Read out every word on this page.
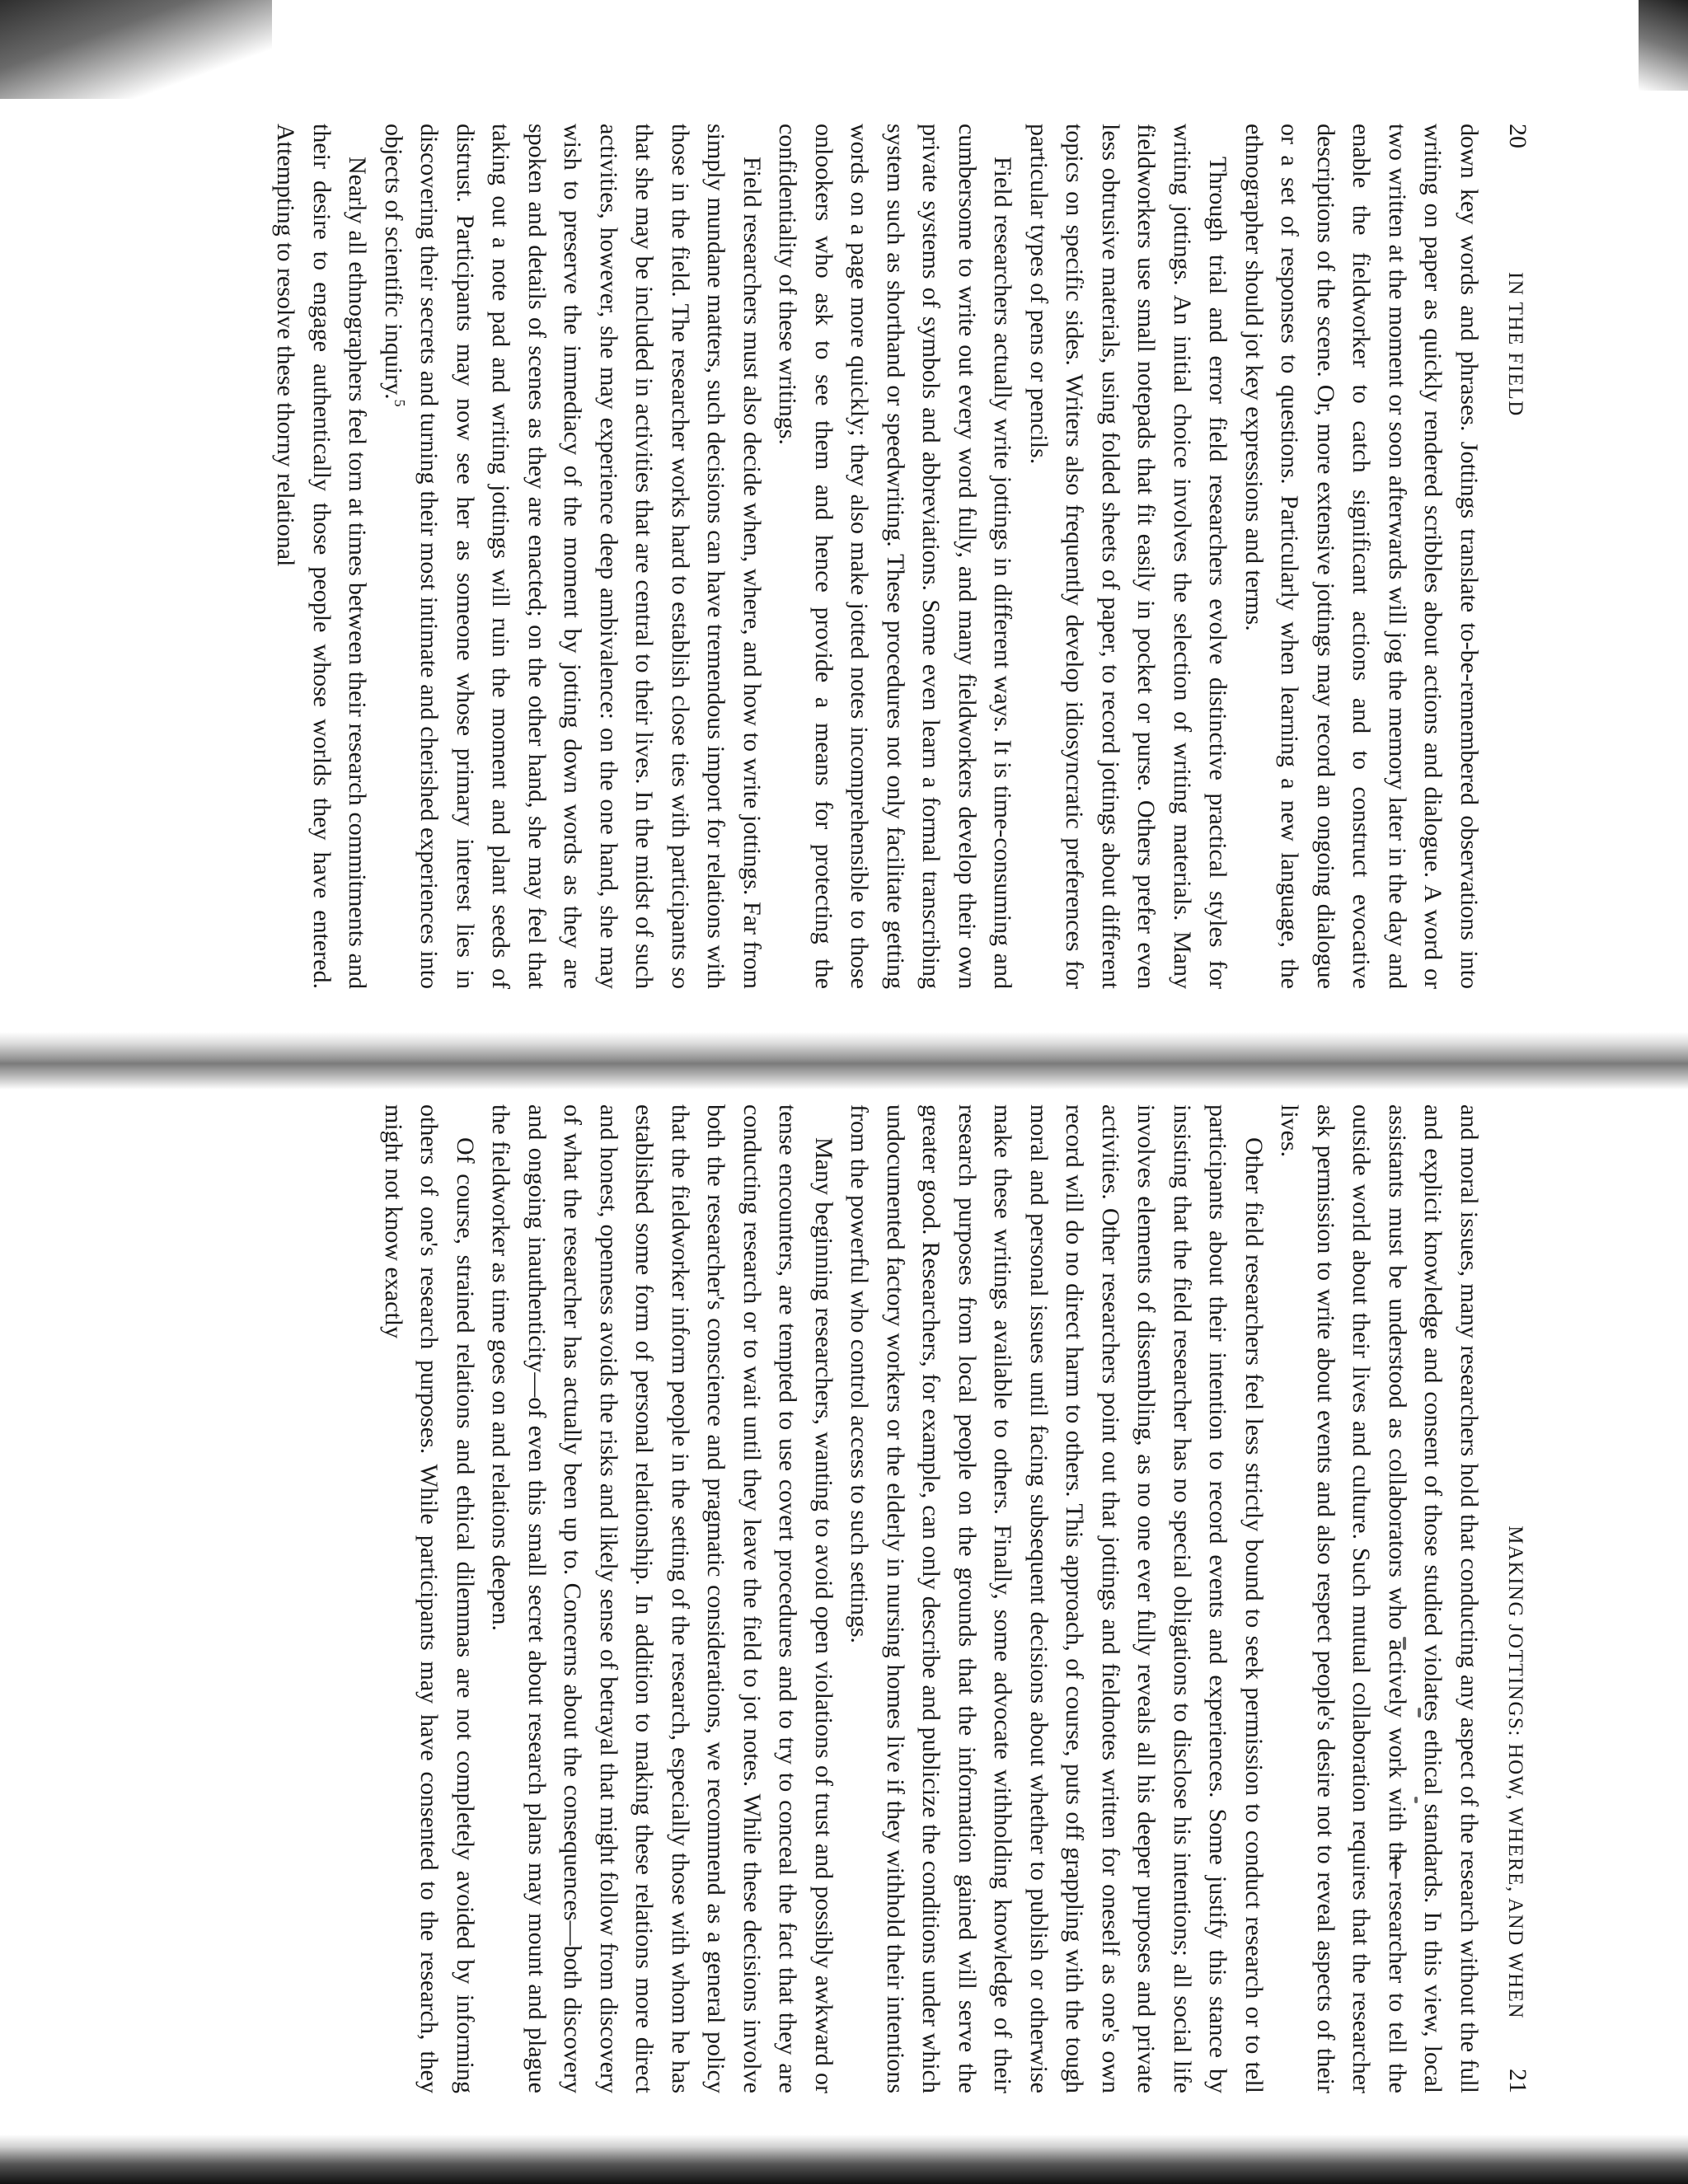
20
IN THE FIELD

down key words and phrases. Jottings translate to-be-remembered observations into writing on paper as quickly rendered scribbles about actions and dialogue. A word or two written at the moment or soon afterwards will jog the memory later in the day and enable the fieldworker to catch significant actions and to construct evocative descriptions of the scene. Or, more extensive jottings may record an ongoing dialogue or a set of responses to questions. Particularly when learning a new language, the ethnographer should jot key expressions and terms.

Through trial and error field researchers evolve distinctive practical styles for writing jottings. An initial choice involves the selection of writing materials. Many fieldworkers use small notepads that fit easily in pocket or purse. Others prefer even less obtrusive materials, using folded sheets of paper, to record jottings about different topics on specific sides. Writers also frequently develop idiosyncratic preferences for particular types of pens or pencils.

Field researchers actually write jottings in different ways. It is time-consuming and cumbersome to write out every word fully, and many fieldworkers develop their own private systems of symbols and abbreviations. Some even learn a formal transcribing system such as shorthand or speedwriting. These procedures not only facilitate getting words on a page more quickly; they also make jotted notes incomprehensible to those onlookers who ask to see them and hence provide a means for protecting the confidentiality of these writings.

Field researchers must also decide when, where, and how to write jottings. Far from simply mundane matters, such decisions can have tremendous import for relations with those in the field. The researcher works hard to establish close ties with participants so that she may be included in activities that are central to their lives. In the midst of such activities, however, she may experience deep ambivalence: on the one hand, she may wish to preserve the immediacy of the moment by jotting down words as they are spoken and details of scenes as they are enacted; on the other hand, she may feel that taking out a note pad and writing jottings will ruin the moment and plant seeds of distrust. Participants may now see her as someone whose primary interest lies in discovering their secrets and turning their most intimate and cherished experiences into objects of scientific inquiry.$^5$

Nearly all ethnographers feel torn at times between their research commitments and their desire to engage authentically those people whose worlds they have entered. Attempting to resolve these thorny relational

MAKING JOTTINGS: HOW, WHERE, AND WHEN
21

and moral issues, many researchers hold that conducting any aspect of the research without the full and explicit knowledge and consent of those studied violates ethical standards. In this view, local assistants must be understood as collaborators who actively work with the researcher to tell the outside world about their lives and culture. Such mutual collaboration requires that the researcher ask permission to write about events and also respect people's desire not to reveal aspects of their lives.

Other field researchers feel less strictly bound to seek permission to conduct research or to tell participants about their intention to record events and experiences. Some justify this stance by insisting that the field researcher has no special obligations to disclose his intentions; all social life involves elements of dissembling, as no one ever fully reveals all his deeper purposes and private activities. Other researchers point out that jottings and fieldnotes written for oneself as one's own record will do no direct harm to others. This approach, of course, puts off grappling with the tough moral and personal issues until facing subsequent decisions about whether to publish or otherwise make these writings available to others. Finally, some advocate withholding knowledge of their research purposes from local people on the grounds that the information gained will serve the greater good. Researchers, for example, can only describe and publicize the conditions under which undocumented factory workers or the elderly in nursing homes live if they withhold their intentions from the powerful who control access to such settings.

Many beginning researchers, wanting to avoid open violations of trust and possibly awkward or tense encounters, are tempted to use covert procedures and to try to conceal the fact that they are conducting research or to wait until they leave the field to jot notes. While these decisions involve both the researcher's conscience and pragmatic considerations, we recommend as a general policy that the fieldworker inform people in the setting of the research, especially those with whom he has established some form of personal relationship. In addition to making these relations more direct and honest, openness avoids the risks and likely sense of betrayal that might follow from discovery of what the researcher has actually been up to. Concerns about the consequences—both discovery and ongoing inauthenticity—of even this small secret about research plans may mount and plague the fieldworker as time goes on and relations deepen.

Of course, strained relations and ethical dilemmas are not completely avoided by informing others of one's research purposes. While participants may have consented to the research, they might not know exactly
